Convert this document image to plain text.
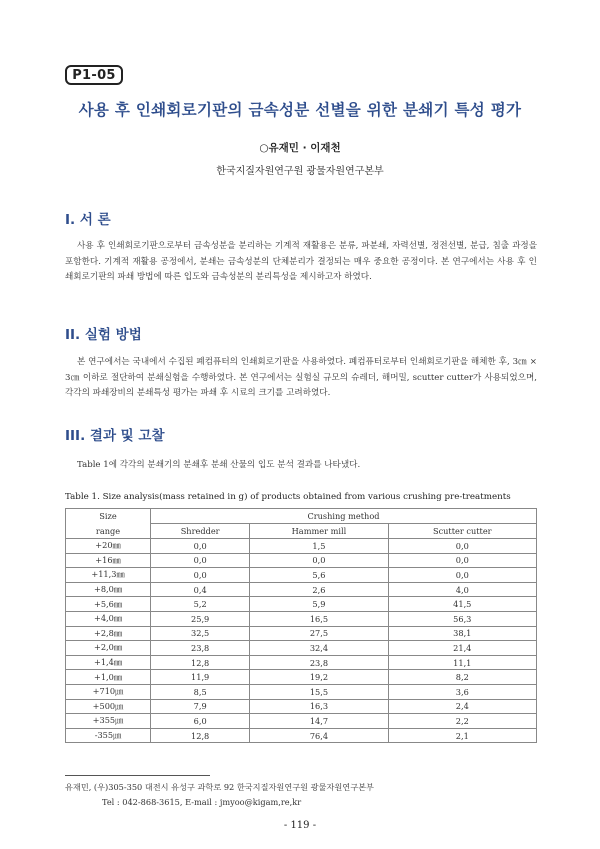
P1-05
사용 후 인쇄회로기판의 금속성분 선별을 위한 분쇄기 특성 평가
○유재민 · 이재천
한국지질자원연구원 광물자원연구본부
I. 서 론
사용 후 인쇄회로기판으로부터 금속성분을 분리하는 기계적 재활용은 분류, 파분쇄, 자력선별, 정전선별, 분급, 침출 과정을 포함한다. 기계적 재활용 공정에서, 분쇄는 금속성분의 단체분리가 결정되는 매우 중요한 공정이다. 본 연구에서는 사용 후 인쇄회로기판의 파쇄 방법에 따른 입도와 금속성분의 분리특성을 제시하고자 하였다.
II. 실험 방법
본 연구에서는 국내에서 수집된 폐컴퓨터의 인쇄회로기판을 사용하였다. 폐컴퓨터로부터 인쇄회로기판을 해체한 후, 3㎝ × 3㎝ 이하로 절단하여 분쇄실험을 수행하였다. 본 연구에서는 실험실 규모의 슈레더, 해머밀, scutter cutter가 사용되었으며, 각각의 파쇄장비의 분쇄특성 평가는 파쇄 후 시료의 크기를 고려하였다.
III. 결과 및 고찰
Table 1에 각각의 분쇄기의 분쇄후 분쇄 산물의 입도 분석 결과를 나타냈다.
Table 1. Size analysis(mass retained in g) of products obtained from various crushing pre-treatments
Size	Crushing method		
range	Shredder	Hammer mill	Scutter cutter
+20㎜	0,0	1,5	0,0
+16㎜	0,0	0,0	0,0
+11,3㎜	0,0	5,6	0,0
+8,0㎜	0,4	2,6	4,0
+5,6㎜	5,2	5,9	41,5
+4,0㎜	25,9	16,5	56,3
+2,8㎜	32,5	27,5	38,1
+2,0㎜	23,8	32,4	21,4
+1,4㎜	12,8	23,8	11,1
+1,0㎜	11,9	19,2	8,2
+710㎛	8,5	15,5	3,6
+500㎛	7,9	16,3	2,4
+355㎛	6,0	14,7	2,2
-355㎛	12,8	76,4	2,1
유재민, (우)305-350 대전시 유성구 과학로 92 한국지질자원연구원 광물자원연구본부
Tel : 042-868-3615, E-mail : jmyoo@kigam,re,kr
- 119 -
